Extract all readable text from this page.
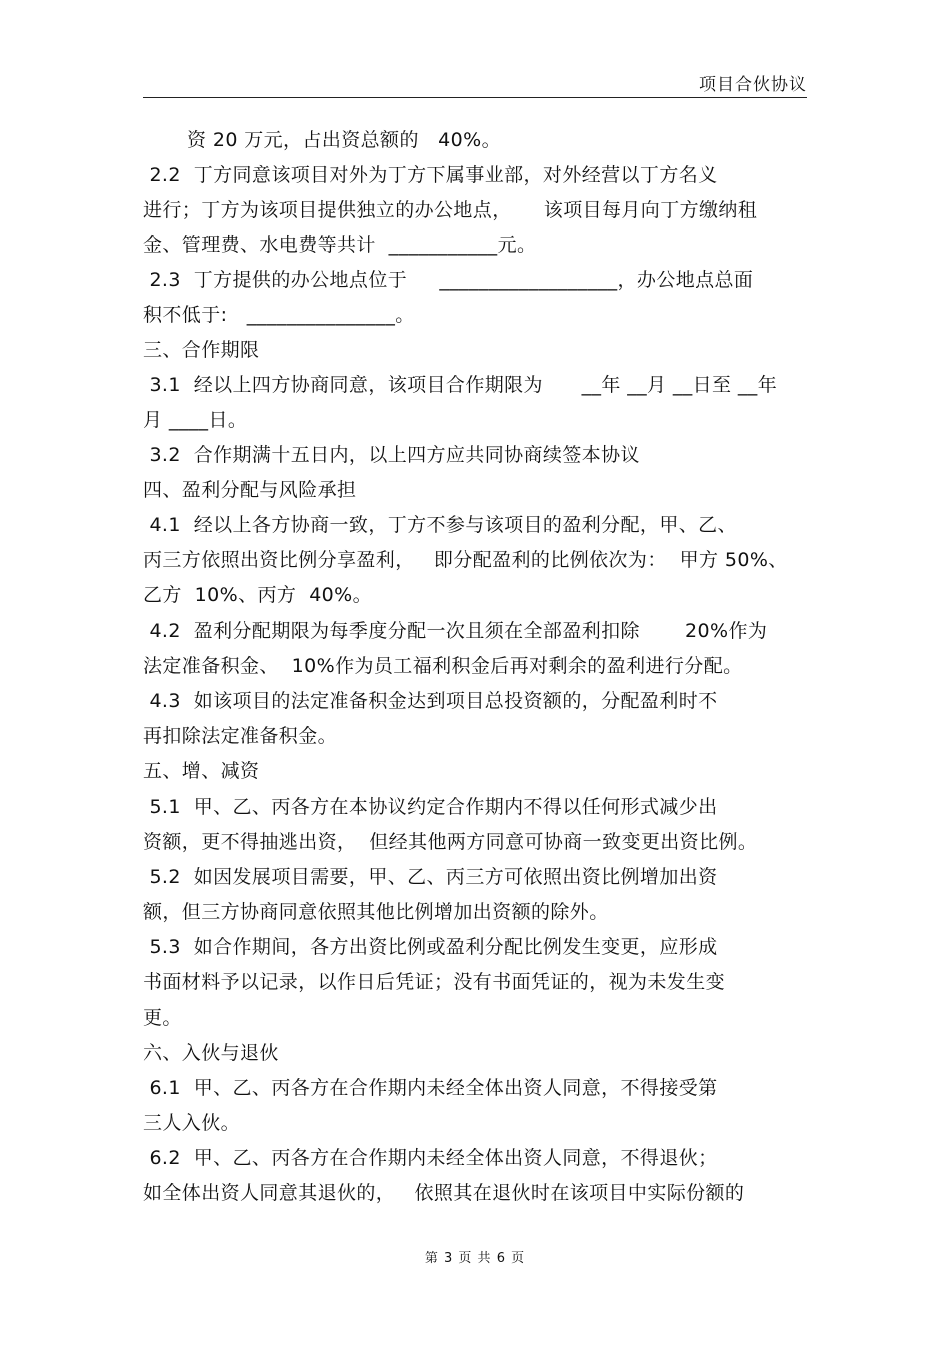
项目合伙协议
资 20 万元，占出资总额的   40%。
2.2  丁方同意该项目对外为丁方下属事业部，对外经营以丁方名义
进行；丁方为该项目提供独立的办公地点，     该项目每月向丁方缴纳租
金、管理费、水电费等共计  ___________元。
2.3  丁方提供的办公地点位于     __________________，办公地点总面
积不低于:   _______________。
三、合作期限
3.1  经以上四方协商同意，该项目合作期限为      __年 __月 __日至 __年
月 ____日。
3.2  合作期满十五日内，以上四方应共同协商续签本协议
四、盈利分配与风险承担
4.1  经以上各方协商一致，丁方不参与该项目的盈利分配，甲、乙、
丙三方依照出资比例分享盈利，   即分配盈利的比例依次为：  甲方 50%、
乙方  10%、丙方  40%。
4.2  盈利分配期限为每季度分配一次且须在全部盈利扣除       20%作为
法定准备积金、  10%作为员工福利积金后再对剩余的盈利进行分配。
4.3  如该项目的法定准备积金达到项目总投资额的，分配盈利时不
再扣除法定准备积金。
五、增、减资
5.1  甲、乙、丙各方在本协议约定合作期内不得以任何形式减少出
资额，更不得抽逃出资，  但经其他两方同意可协商一致变更出资比例。
5.2  如因发展项目需要，甲、乙、丙三方可依照出资比例增加出资
额，但三方协商同意依照其他比例增加出资额的除外。
5.3  如合作期间，各方出资比例或盈利分配比例发生变更，应形成
书面材料予以记录，以作日后凭证；没有书面凭证的，视为未发生变
更。
六、入伙与退伙
6.1  甲、乙、丙各方在合作期内未经全体出资人同意，不得接受第
三人入伙。
6.2  甲、乙、丙各方在合作期内未经全体出资人同意，不得退伙；
如全体出资人同意其退伙的，   依照其在退伙时在该项目中实际份额的
第 3 页 共 6 页
